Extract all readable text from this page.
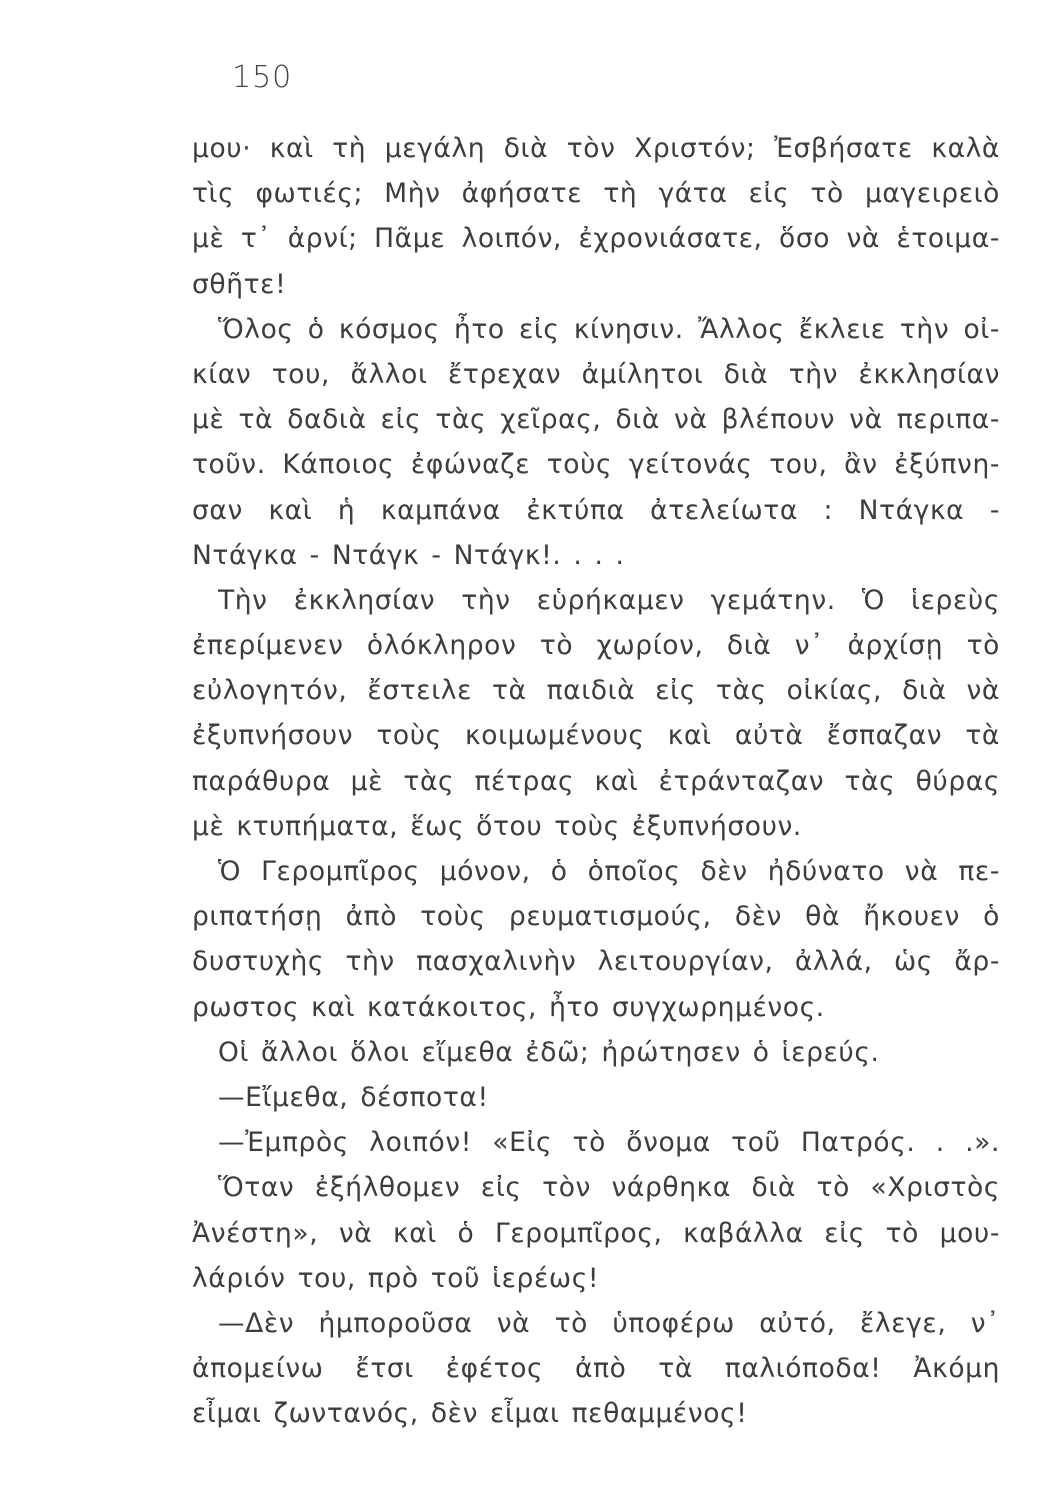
150
μου· καὶ τὴ μεγάλη διὰ τὸν Χριστόν; Ἐσβήσατε καλὰ
τὶς φωτιές; Μὴν ἀφήσατε τὴ γάτα εἰς τὸ μαγειρειὸ
μὲ τ᾽ ἀρνί; Πᾶμε λοιπόν, ἐχρονιάσατε, ὅσο νὰ ἑτοιμα-
σθῆτε!
Ὅλος ὁ κόσμος ἦτο εἰς κίνησιν. Ἄλλος ἔκλειε τὴν οἰ-
κίαν του, ἄλλοι ἔτρεχαν ἀμίλητοι διὰ τὴν ἐκκλησίαν
μὲ τὰ δαδιὰ εἰς τὰς χεῖρας, διὰ νὰ βλέπουν νὰ περιπα-
τοῦν. Κάποιος ἐφώναζε τοὺς γείτονάς του, ἂν ἐξύπνη-
σαν καὶ ἡ καμπάνα ἐκτύπα ἀτελείωτα : Ντάγκα -
Ντάγκα - Ντάγκ - Ντάγκ!. . . .
Τὴν ἐκκλησίαν τὴν εὑρήκαμεν γεμάτην. Ὁ ἱερεὺς
ἐπερίμενεν ὁλόκληρον τὸ χωρίον, διὰ ν᾽ ἀρχίσῃ τὸ
εὐλογητόν, ἔστειλε τὰ παιδιὰ εἰς τὰς οἰκίας, διὰ νὰ
ἐξυπνήσουν τοὺς κοιμωμένους καὶ αὐτὰ ἔσπαζαν τὰ
παράθυρα μὲ τὰς πέτρας καὶ ἐτράνταζαν τὰς θύρας
μὲ κτυπήματα, ἕως ὅτου τοὺς ἐξυπνήσουν.
Ὁ Γερομπῖρος μόνον, ὁ ὁποῖος δὲν ἠδύνατο νὰ πε-
ριπατήσῃ ἀπὸ τοὺς ρευματισμούς, δὲν θὰ ἤκουεν ὁ
δυστυχὴς τὴν πασχαλινὴν λειτουργίαν, ἀλλά, ὡς ἄρ-
ρωστος καὶ κατάκοιτος, ἦτο συγχωρημένος.
Οἱ ἄλλοι ὅλοι εἴμεθα ἐδῶ; ἠρώτησεν ὁ ἱερεύς.
—Εἴμεθα, δέσποτα!
—Ἐμπρὸς λοιπόν! «Εἰς τὸ ὄνομα τοῦ Πατρός. . .».
Ὅταν ἐξήλθομεν εἰς τὸν νάρθηκα διὰ τὸ «Χριστὸς
Ἀνέστη», νὰ καὶ ὁ Γερομπῖρος, καβάλλα εἰς τὸ μου-
λάριόν του, πρὸ τοῦ ἱερέως!
—Δὲν ἠμποροῦσα νὰ τὸ ὑποφέρω αὐτό, ἔλεγε, ν᾽
ἀπομείνω ἔτσι ἐφέτος ἀπὸ τὰ παλιόποδα! Ἀκόμη
εἶμαι ζωντανός, δὲν εἶμαι πεθαμμένος!
